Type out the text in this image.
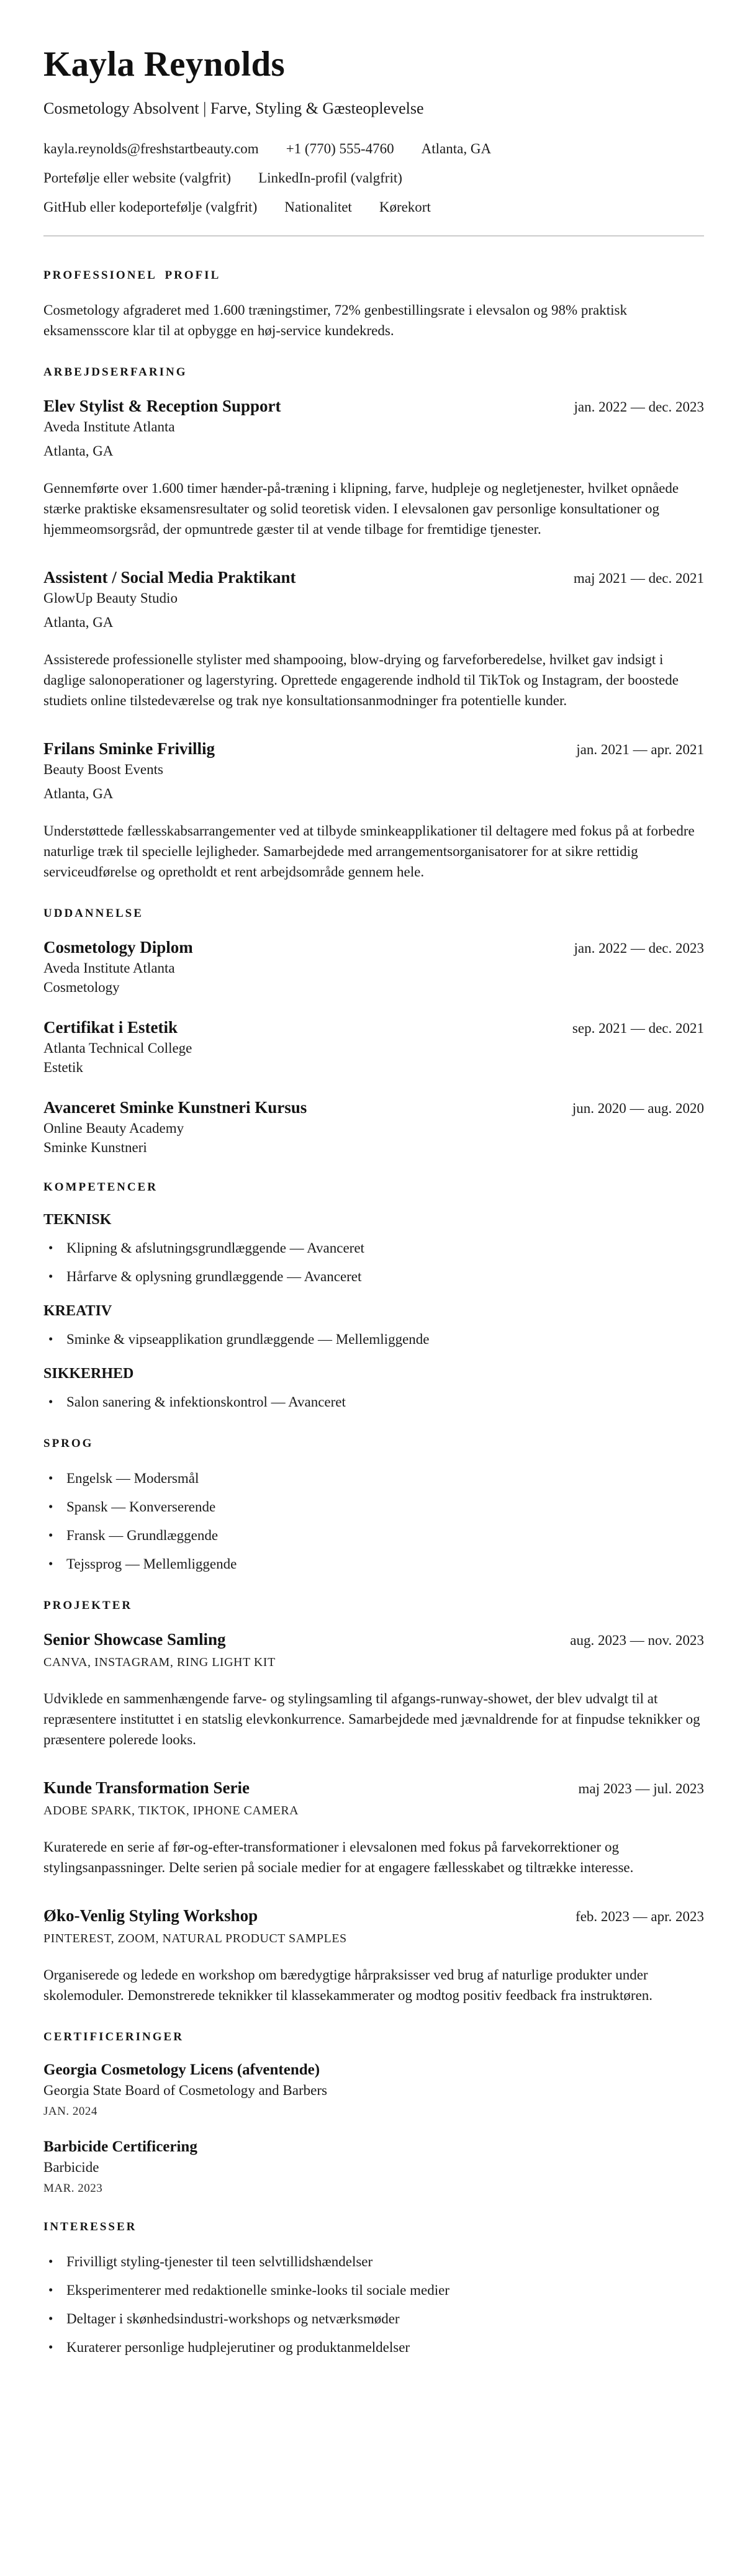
Kayla Reynolds

Cosmetology Absolvent | Farve, Styling & Gæsteoplevelse

kayla.reynolds@freshstartbeauty.com +1 (770) 555-4760 Atlanta, GA
Portefølje eller website (valgfrit) LinkedIn-profil (valgfrit)
GitHub eller kodeportefølje (valgfrit) Nationalitet Kørekort
PROFESSIONEL PROFIL

Cosmetology afgraderet med 1.600 træningstimer, 72% genbestillingsrate i elevsalon og 98% praktisk eksamensscore klar til at opbygge en høj-service kundekreds.

ARBEJDSERFARING
Elev Stylist & Reception Support	jan. 2022 — dec. 2023

Aveda Institute Atlanta

Atlanta, GA

Gennemførte over 1.600 timer hænder-på-træning i klipning, farve, hudpleje og negletjenester, hvilket opnåede stærke praktiske eksamensresultater og solid teoretisk viden. I elevsalonen gav personlige konsultationer og hjemmeomsorgsråd, der opmuntrede gæster til at vende tilbage for fremtidige tjenester.

Assistent / Social Media Praktikant	maj 2021 — dec. 2021

GlowUp Beauty Studio

Atlanta, GA

Assisterede professionelle stylister med shampooing, blow-drying og farveforberedelse, hvilket gav indsigt i daglige salonoperationer og lagerstyring. Oprettede engagerende indhold til TikTok og Instagram, der boostede studiets online tilstedeværelse og trak nye konsultationsanmodninger fra potentielle kunder.

Frilans Sminke Frivillig	jan. 2021 — apr. 2021

Beauty Boost Events

Atlanta, GA

Understøttede fællesskabsarrangementer ved at tilbyde sminkeapplikationer til deltagere med fokus på at forbedre naturlige træk til specielle lejligheder. Samarbejdede med arrangementsorganisatorer for at sikre rettidig serviceudførelse og opretholdt et rent arbejdsområde gennem hele.

UDDANNELSE
Cosmetology Diplom	jan. 2022 — dec. 2023

Aveda Institute Atlanta

Cosmetology

Certifikat i Estetik	sep. 2021 — dec. 2021

Atlanta Technical College

Estetik

Avanceret Sminke Kunstneri Kursus	jun. 2020 — aug. 2020

Online Beauty Academy

Sminke Kunstneri

KOMPETENCER
TEKNISK
• Klipning & afslutningsgrundlæggende — Avanceret
• Hårfarve & oplysning grundlæggende — Avanceret
KREATIV
• Sminke & vipseapplikation grundlæggende — Mellemliggende
SIKKERHED
• Salon sanering & infektionskontrol — Avanceret
SPROG
• Engelsk — Modersmål
• Spansk — Konverserende
• Fransk — Grundlæggende
• Tejssprog — Mellemliggende
PROJEKTER
Senior Showcase Samling	aug. 2023 — nov. 2023

CANVA, INSTAGRAM, RING LIGHT KIT

Udviklede en sammenhængende farve- og stylingsamling til afgangs-runway-showet, der blev udvalgt til at repræsentere instituttet i en statslig elevkonkurrence. Samarbejdede med jævnaldrende for at finpudse teknikker og præsentere polerede looks.

Kunde Transformation Serie	maj 2023 — jul. 2023

ADOBE SPARK, TIKTOK, IPHONE CAMERA

Kuraterede en serie af før-og-efter-transformationer i elevsalonen med fokus på farvekorrektioner og stylingsanpassninger. Delte serien på sociale medier for at engagere fællesskabet og tiltrække interesse.

Øko-Venlig Styling Workshop	feb. 2023 — apr. 2023

PINTEREST, ZOOM, NATURAL PRODUCT SAMPLES

Organiserede og ledede en workshop om bæredygtige hårpraksisser ved brug af naturlige produkter under skolemoduler. Demonstrerede teknikker til klassekammerater og modtog positiv feedback fra instruktøren.

CERTIFICERINGER
Georgia Cosmetology Licens (afventende)

Georgia State Board of Cosmetology and Barbers

JAN. 2024

Barbicide Certificering

Barbicide

MAR. 2023

INTERESSER
• Frivilligt styling-tjenester til teen selvtillidshændelser
• Eksperimenterer med redaktionelle sminke-looks til sociale medier
• Deltager i skønhedsindustri-workshops og netværksmøder
• Kuraterer personlige hudplejerutiner og produktanmeldelser
